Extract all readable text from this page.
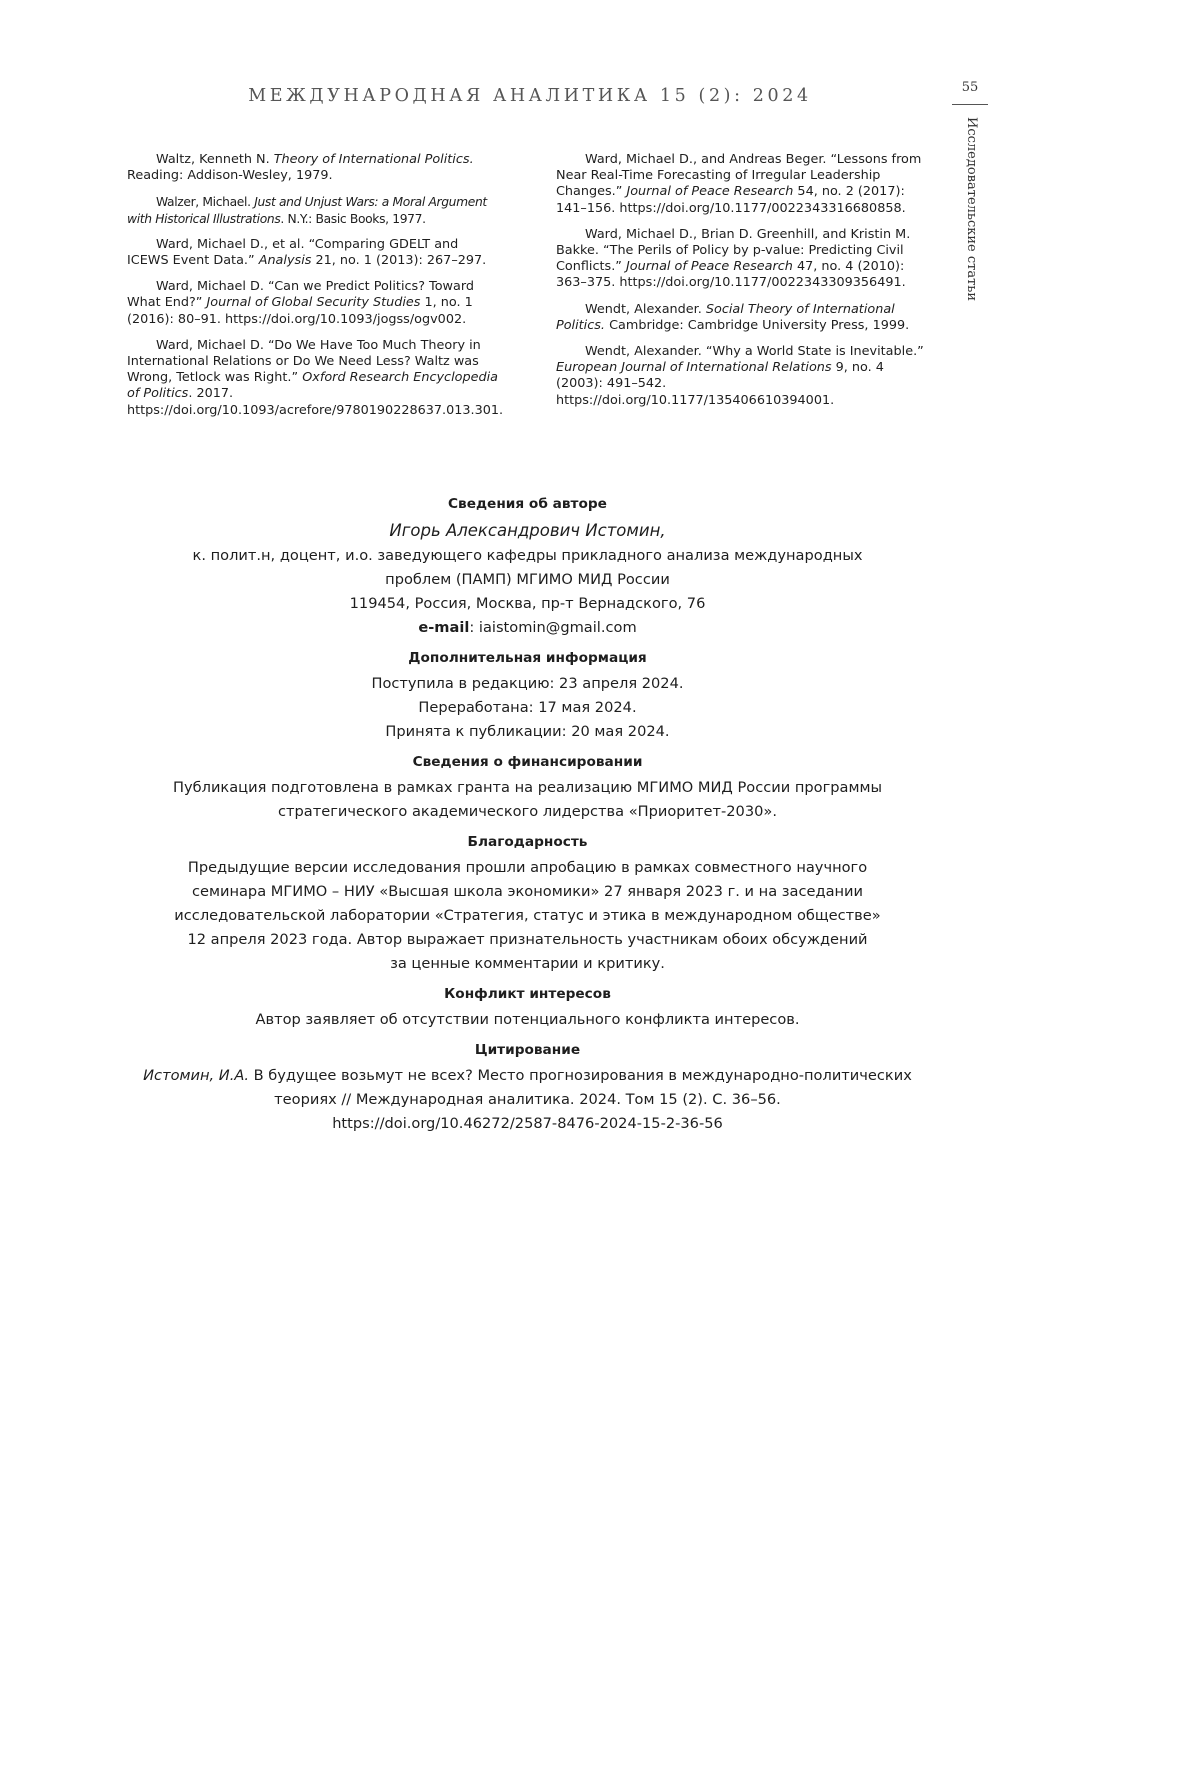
МЕЖДУНАРОДНАЯ АНАЛИТИКА 15 (2): 2024	55
Исследовательские статьи

Waltz, Kenneth N. Theory of International Politics. Reading: Addison-Wesley, 1979.

Walzer, Michael. Just and Unjust Wars: a Moral Argument with Historical Illustrations. N.Y.: Basic Books, 1977.

Ward, Michael D., et al. “Comparing GDELT and ICEWS Event Data.” Analysis 21, no. 1 (2013): 267–297.

Ward, Michael D. “Can we Predict Politics? Toward What End?” Journal of Global Security Studies 1, no. 1 (2016): 80–91. https://doi.org/10.1093/jogss/ogv002.

Ward, Michael D. “Do We Have Too Much Theory in International Relations or Do We Need Less? Waltz was Wrong, Tetlock was Right.” Oxford Research Encyclopedia of Politics. 2017. https://doi.org/10.1093/acrefore/9780190228637.013.301.

Ward, Michael D., and Andreas Beger. “Lessons from Near Real-Time Forecasting of Irregular Leadership Changes.” Journal of Peace Research 54, no. 2 (2017): 141–156. https://doi.org/10.1177/0022343316680858.

Ward, Michael D., Brian D. Greenhill, and Kristin M. Bakke. “The Perils of Policy by p-value: Predicting Civil Conflicts.” Journal of Peace Research 47, no. 4 (2010): 363–375. https://doi.org/10.1177/0022343309356491.

Wendt, Alexander. Social Theory of International Politics. Cambridge: Cambridge University Press, 1999.

Wendt, Alexander. “Why a World State is Inevitable.” European Journal of International Relations 9, no. 4 (2003): 491–542. https://doi.org/10.1177/135406610394001.

Сведения об авторе
Игорь Александрович Истомин,
к. полит.н, доцент, и.о. заведующего кафедры прикладного анализа международных
проблем (ПАМП) МГИМО МИД России
119454, Россия, Москва, пр-т Вернадского, 76
e-mail: iaistomin@gmail.com
Дополнительная информация
Поступила в редакцию: 23 апреля 2024.
Переработана: 17 мая 2024.
Принята к публикации: 20 мая 2024.
Сведения о финансировании
Публикация подготовлена в рамках гранта на реализацию МГИМО МИД России программы
стратегического академического лидерства «Приоритет-2030».
Благодарность
Предыдущие версии исследования прошли апробацию в рамках совместного научного
семинара МГИМО – НИУ «Высшая школа экономики» 27 января 2023 г. и на заседании
исследовательской лаборатории «Стратегия, статус и этика в международном обществе»
12 апреля 2023 года. Автор выражает признательность участникам обоих обсуждений
за ценные комментарии и критику.
Конфликт интересов
Автор заявляет об отсутствии потенциального конфликта интересов.
Цитирование
Истомин, И.А. В будущее возьмут не всех? Место прогнозирования в международно-политических
теориях // Международная аналитика. 2024. Том 15 (2). С. 36–56.
https://doi.org/10.46272/2587-8476-2024-15-2-36-56
